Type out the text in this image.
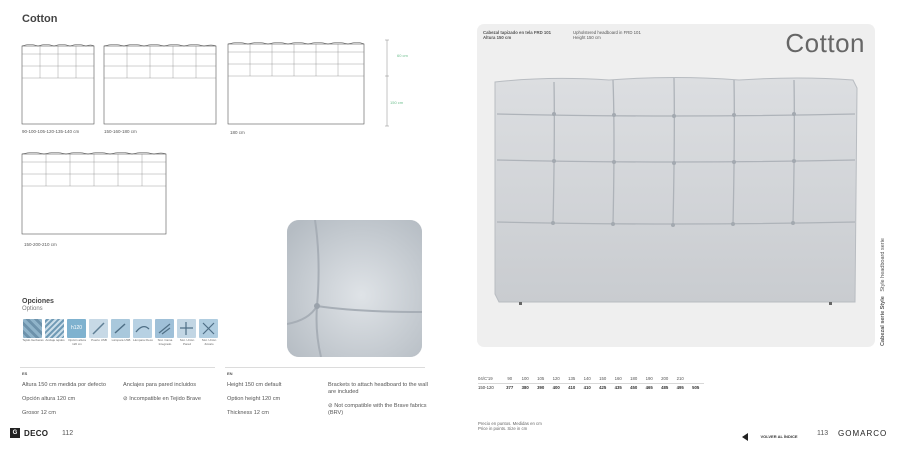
Cotton
90-100-105-120-135-140 cm	150-160-180 cm	180 cm
60 cm
150 cm
150-200-210 cm
Opciones
Options
Tejido Gerberas Anclaje tejidos
h120
Opción altura 120 cm
Puerto USB	Lámpara USB Lámpara Flexo	Sist. Cama Integrado
Sist. Unión Pared
Sist. Unión Zócalo
ES
Altura 150 cm medida por defecto
Opción altura 120 cm
Grosor 12 cm
Anclajes para pared incluidos
⊘ Incompatible en Tejido Brave
EN
Height 150 cm default
Option height 120 cm
Thickness 12 cm
Brackets to attach headboard to the wall are included
⊘ Not compatible with the Brave fabrics (BRV)
G DECO 112
Cabezal tapizado en tela FRD 101
Altura 150 cm
Upholstered headboard in FRD 101
Height 150 cm	Cotton
Cabezal serie Style Style headboard serie
04/C'19	90	100	105	120	135	140	150	160	180	190	200	210	
150-120	377	380	390	400	410	410	425	435	450	465	485	495	505
Precio en puntos. Medidas en cm
Price in points. Size in cm
VOLVER AL ÍNDICE	113 GOMARCO
